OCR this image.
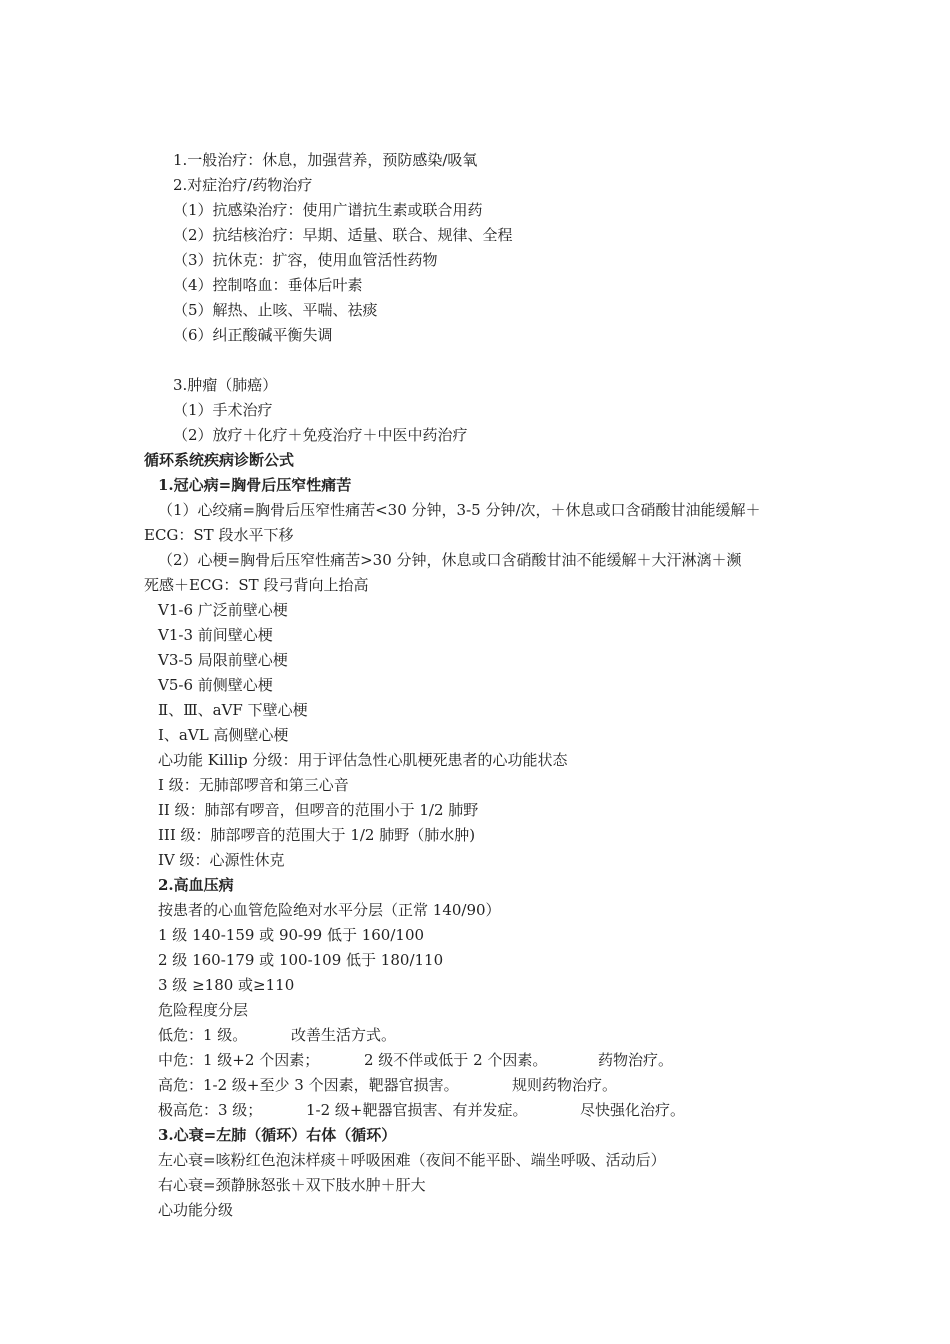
1.一般治疗：休息，加强营养，预防感染/吸氧
2.对症治疗/药物治疗
（1）抗感染治疗：使用广谱抗生素或联合用药
（2）抗结核治疗：早期、适量、联合、规律、全程
（3）抗休克：扩容，使用血管活性药物
（4）控制咯血：垂体后叶素
（5）解热、止咳、平喘、祛痰
（6）纠正酸碱平衡失调
3.肿瘤（肺癌）
（1）手术治疗
（2）放疗＋化疗＋免疫治疗＋中医中药治疗
循环系统疾病诊断公式
1.冠心病=胸骨后压窄性痛苦
（1）心绞痛=胸骨后压窄性痛苦<30 分钟，3-5 分钟/次，＋休息或口含硝酸甘油能缓解＋
ECG：ST 段水平下移
（2）心梗=胸骨后压窄性痛苦>30 分钟，休息或口含硝酸甘油不能缓解＋大汗淋漓＋濒
死感＋ECG：ST 段弓背向上抬高
V1-6 广泛前壁心梗
V1-3 前间壁心梗
V3-5 局限前壁心梗
V5-6 前侧壁心梗
Ⅱ、Ⅲ、aVF 下壁心梗
I、aVL 高侧壁心梗
心功能 Killip 分级：用于评估急性心肌梗死患者的心功能状态
I 级：无肺部啰音和第三心音
II 级：肺部有啰音，但啰音的范围小于 1/2 肺野
III 级：肺部啰音的范围大于 1/2 肺野（肺水肿)
IV 级：心源性休克
2.高血压病
按患者的心血管危险绝对水平分层（正常 140/90）
1 级 140-159 或 90-99 低于 160/100
2 级 160-179 或 100-109 低于 180/110
3 级 ≥180 或≥110
危险程度分层
低危：1 级。	改善生活方式。
中危：1 级+2 个因素；	2 级不伴或低于 2 个因素。	药物治疗。
高危：1-2 级+至少 3 个因素，靶器官损害。	规则药物治疗。
极高危：3 级；	1-2 级+靶器官损害、有并发症。	尽快强化治疗。
3.心衰=左肺（循环）右体（循环）
左心衰=咳粉红色泡沫样痰＋呼吸困难（夜间不能平卧、端坐呼吸、活动后）
右心衰=颈静脉怒张＋双下肢水肿＋肝大
心功能分级
